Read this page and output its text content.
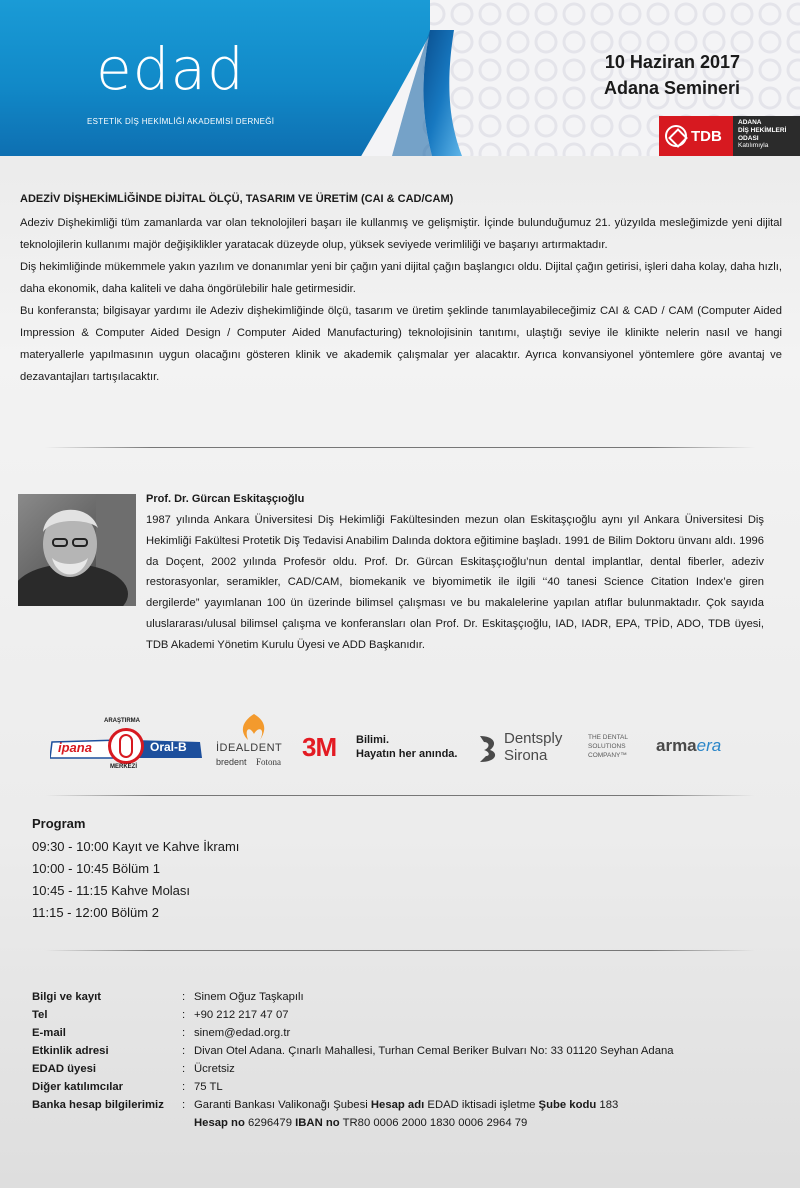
edad
ESTETİK DİŞ HEKİMLİĞİ AKADEMİSİ DERNEĞİ
10 Haziran 2017
Adana Semineri
TDB
ADANA
DİŞ HEKİMLERİ
ODASI
Katılımıyla
ADEZİV DİŞHEKİMLİĞİNDE DİJİTAL ÖLÇÜ, TASARIM VE ÜRETİM (CAI & CAD/CAM)

Adeziv Dişhekimliği tüm zamanlarda var olan teknolojileri başarı ile kullanmış ve gelişmiştir. İçinde bulunduğumuz 21. yüzyılda mesleğimizde yeni dijital teknolojilerin kullanımı majör değişiklikler yaratacak düzeyde olup, yüksek seviyede verimliliği ve başarıyı artırmaktadır.

Diş hekimliğinde mükemmele yakın yazılım ve donanımlar yeni bir çağın yani dijital çağın başlangıcı oldu. Dijital çağın getirisi, işleri daha kolay, daha hızlı, daha ekonomik, daha kaliteli ve daha öngörülebilir hale getirmesidir.

Bu konferansta; bilgisayar yardımı ile Adeziv dişhekimliğinde ölçü, tasarım ve üretim şeklinde tanımlayabileceğimiz CAI & CAD / CAM (Computer Aided Impression & Computer Aided Design / Computer Aided Manufacturing) teknolojisinin tanıtımı, ulaştığı seviye ile klinikte nelerin nasıl ve hangi materyallerle yapılmasının uygun olacağını gösteren klinik ve akademik çalışmalar yer alacaktır. Ayrıca konvansiyonel yöntemlere göre avantaj ve dezavantajları tartışılacaktır.

Prof. Dr. Gürcan Eskitaşçıoğlu
1987 yılında Ankara Üniversitesi Diş Hekimliği Fakültesinden mezun olan Eskitaşçıoğlu aynı yıl Ankara Üniversitesi Diş Hekimliği Fakültesi Protetik Diş Tedavisi Anabilim Dalında doktora eğitimine başladı. 1991 de Bilim Doktoru ünvanı aldı. 1996 da Doçent, 2002 yılında Profesör oldu. Prof. Dr. Gürcan Eskitaşçıoğlu’nun dental implantlar, dental fiberler, adeziv restorasyonlar, seramikler, CAD/CAM, biomekanik ve biyomimetik ile ilgili ‘‘40 tanesi Science Citation Index’e giren dergilerde” yayımlanan 100 ün üzerinde bilimsel çalışması ve bu makalelerine yapılan atıflar bulunmaktadır. Çok sayıda uluslararası/ulusal bilimsel çalışma ve konferansları olan Prof. Dr. Eskitaşçıoğlu, IAD, IADR, EPA, TPİD, ADO, TDB üyesi, TDB Akademi Yönetim Kurulu Üyesi ve ADD Başkanıdır.
ipana	Oral-B
ARAŞTIRMA
MERKEZİ
İDEALDENT
bredent Fotona 3M Bilimi.
Hayatın her anında.
Dentsply
Sirona
THE DENTAL
SOLUTIONS
COMPANY™
armaera
Program
09:30 - 10:00 Kayıt ve Kahve İkramı
10:00 - 10:45 Bölüm 1
10:45 - 11:15 Kahve Molası
11:15 - 12:00 Bölüm 2
Bilgi ve kayıt	: Sinem Oğuz Taşkapılı
Tel	: +90 212 217 47 07
E-mail	: sinem@edad.org.tr
Etkinlik adresi	: Divan Otel Adana. Çınarlı Mahallesi, Turhan Cemal Beriker Bulvarı No: 33 01120 Seyhan Adana
EDAD üyesi	: Ücretsiz
Diğer katılımcılar	: 75 TL
Banka hesap bilgilerimiz	: Garanti Bankası Valikonağı Şubesi Hesap adı EDAD iktisadi işletme Şube kodu 183
Hesap no 6296479 IBAN no TR80 0006 2000 1830 0006 2964 79
